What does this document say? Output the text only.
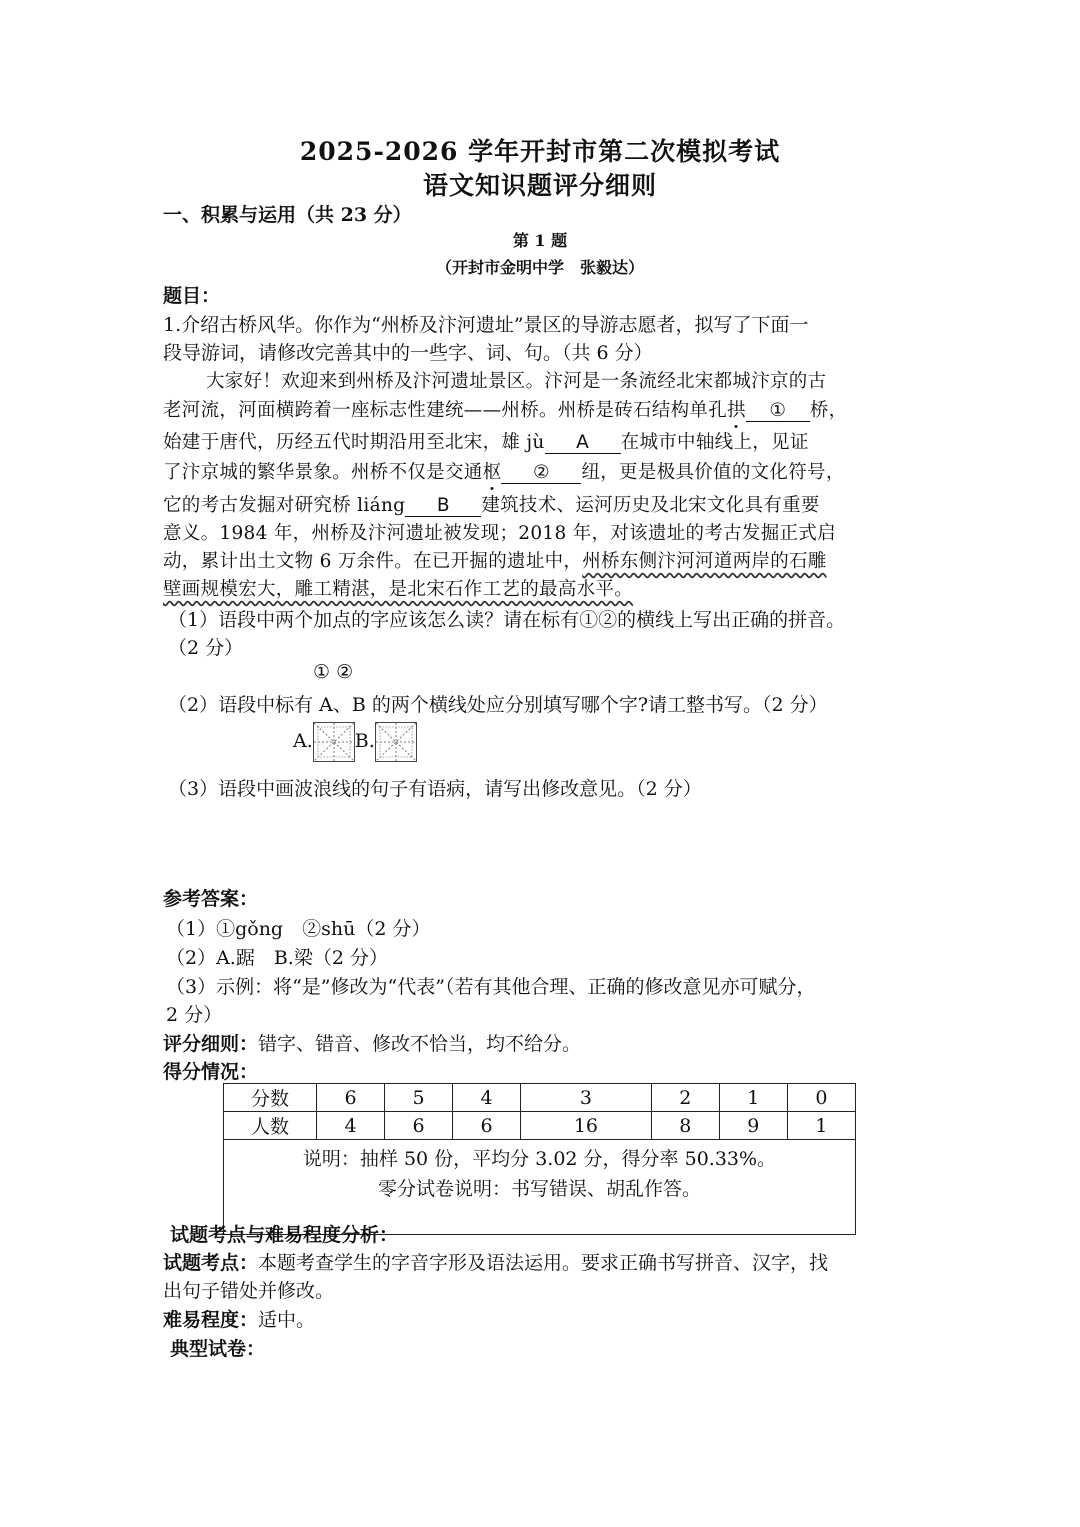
2025-2026 学年开封市第二次模拟考试
语文知识题评分细则
一、积累与运用（共 23 分）
第 1 题
（开封市金明中学　张毅达）
题目：
1.介绍古桥风华。你作为“州桥及汴河遗址”景区的导游志愿者，拟写了下面一
段导游词，请修改完善其中的一些字、词、句。（共 6 分）
大家好！欢迎来到州桥及汴河遗址景区。汴河是一条流经北宋都城汴京的古
老河流，河面横跨着一座标志性建统——州桥。州桥是砖石结构单孔拱 ① 桥，
始建于唐代，历经五代时期沿用至北宋，雄 jù A 在城市中轴线上，见证
了汴京城的繁华景象。州桥不仅是交通枢 ② 纽，更是极具价值的文化符号，
它的考古发掘对研究桥 liáng B 建筑技术、运河历史及北宋文化具有重要
意义。1984 年，州桥及汴河遗址被发现；2018 年，对该遗址的考古发掘正式启
动，累计出土文物 6 万余件。在已开掘的遗址中，州桥东侧汴河河道两岸的石雕
壁画规模宏大，雕工精湛，是北宋石作工艺的最高水平。
（1）语段中两个加点的字应该怎么读？请在标有①②的横线上写出正确的拼音。
（2 分）
① ②
（2）语段中标有 A、B 的两个横线处应分别填写哪个字?请工整书写。（2 分）
A. B.
（3）语段中画波浪线的句子有语病，请写出修改意见。（2 分）
参考答案：
（1）①gǒng　②shū（2 分）
（2）A.踞　B.梁（2 分）
（3）示例：将“是”修改为“代表”（若有其他合理、正确的修改意见亦可赋分，
2 分）
评分细则：错字、错音、修改不恰当，均不给分。
得分情况：
分数	6	5	4	3	2	1	0
人数	4	6	6	16	8	9	1

说明：抽样 50 份，平均分 3.02 分，得分率 50.33%。
零分试卷说明：书写错误、胡乱作答。							
试题考点与难易程度分析：
试题考点：本题考查学生的字音字形及语法运用。要求正确书写拼音、汉字，找
出句子错处并修改。
难易程度：适中。
典型试卷：
